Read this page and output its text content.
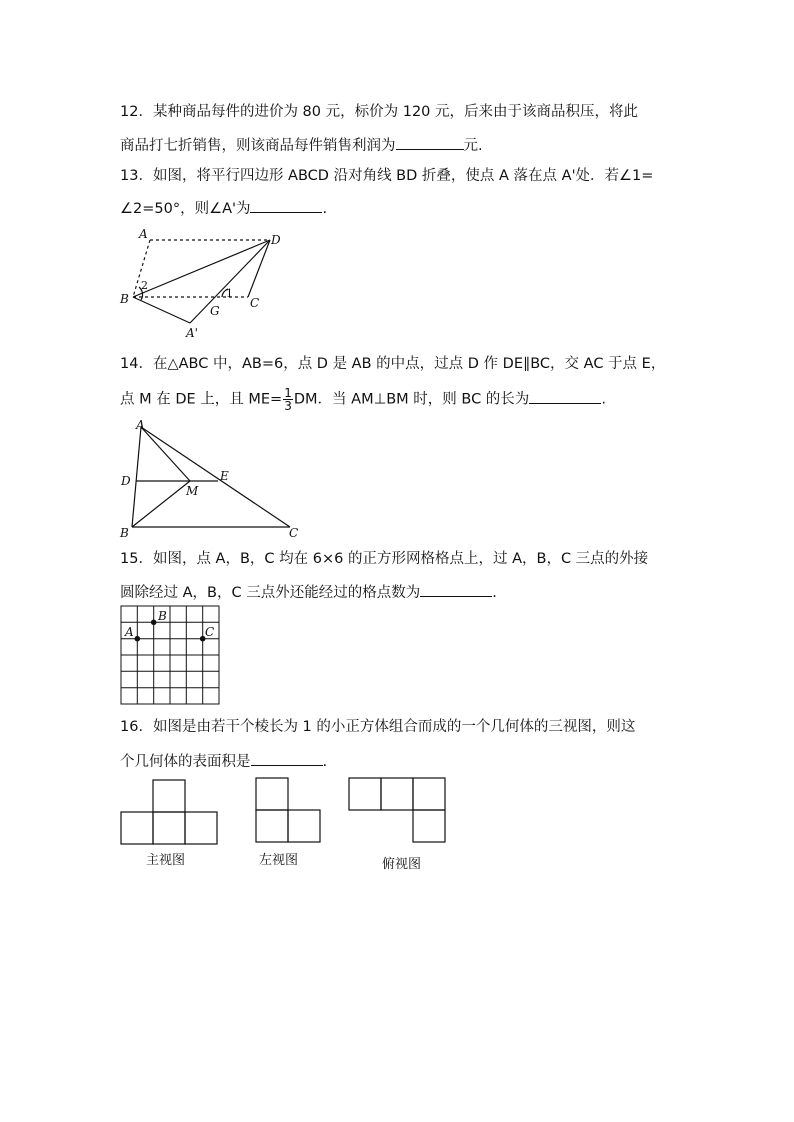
12．某种商品每件的进价为 80 元，标价为 120 元，后来由于该商品积压，将此
商品打七折销售，则该商品每件销售利润为	元.
13．如图，将平行四边形 ABCD 沿对角线 BD 折叠，使点 A 落在点 A'处．若∠1=
∠2=50°，则∠A'为	.
A	D
B
G
C
A'
1
2
14．在△ABC 中，AB=6，点 D 是 AB 的中点，过点 D 作 DE∥BC，交 AC 于点 E，
点 M 在 DE 上，且 $ME= \frac{1}{3}$ DM．当 AM⊥BM 时，则 BC 的长为	.
A
D
M
E
B	C
15．如图，点 A，B，C 均在 6×6 的正方形网格格点上，过 A，B，C 三点的外接
圆除经过 A，B，C 三点外还能经过的格点数为	.
A
B
C
16．如图是由若干个棱长为 1 的小正方体组合而成的一个几何体的三视图，则这
个几何体的表面积是	.
主视图	左视图	俯视图
